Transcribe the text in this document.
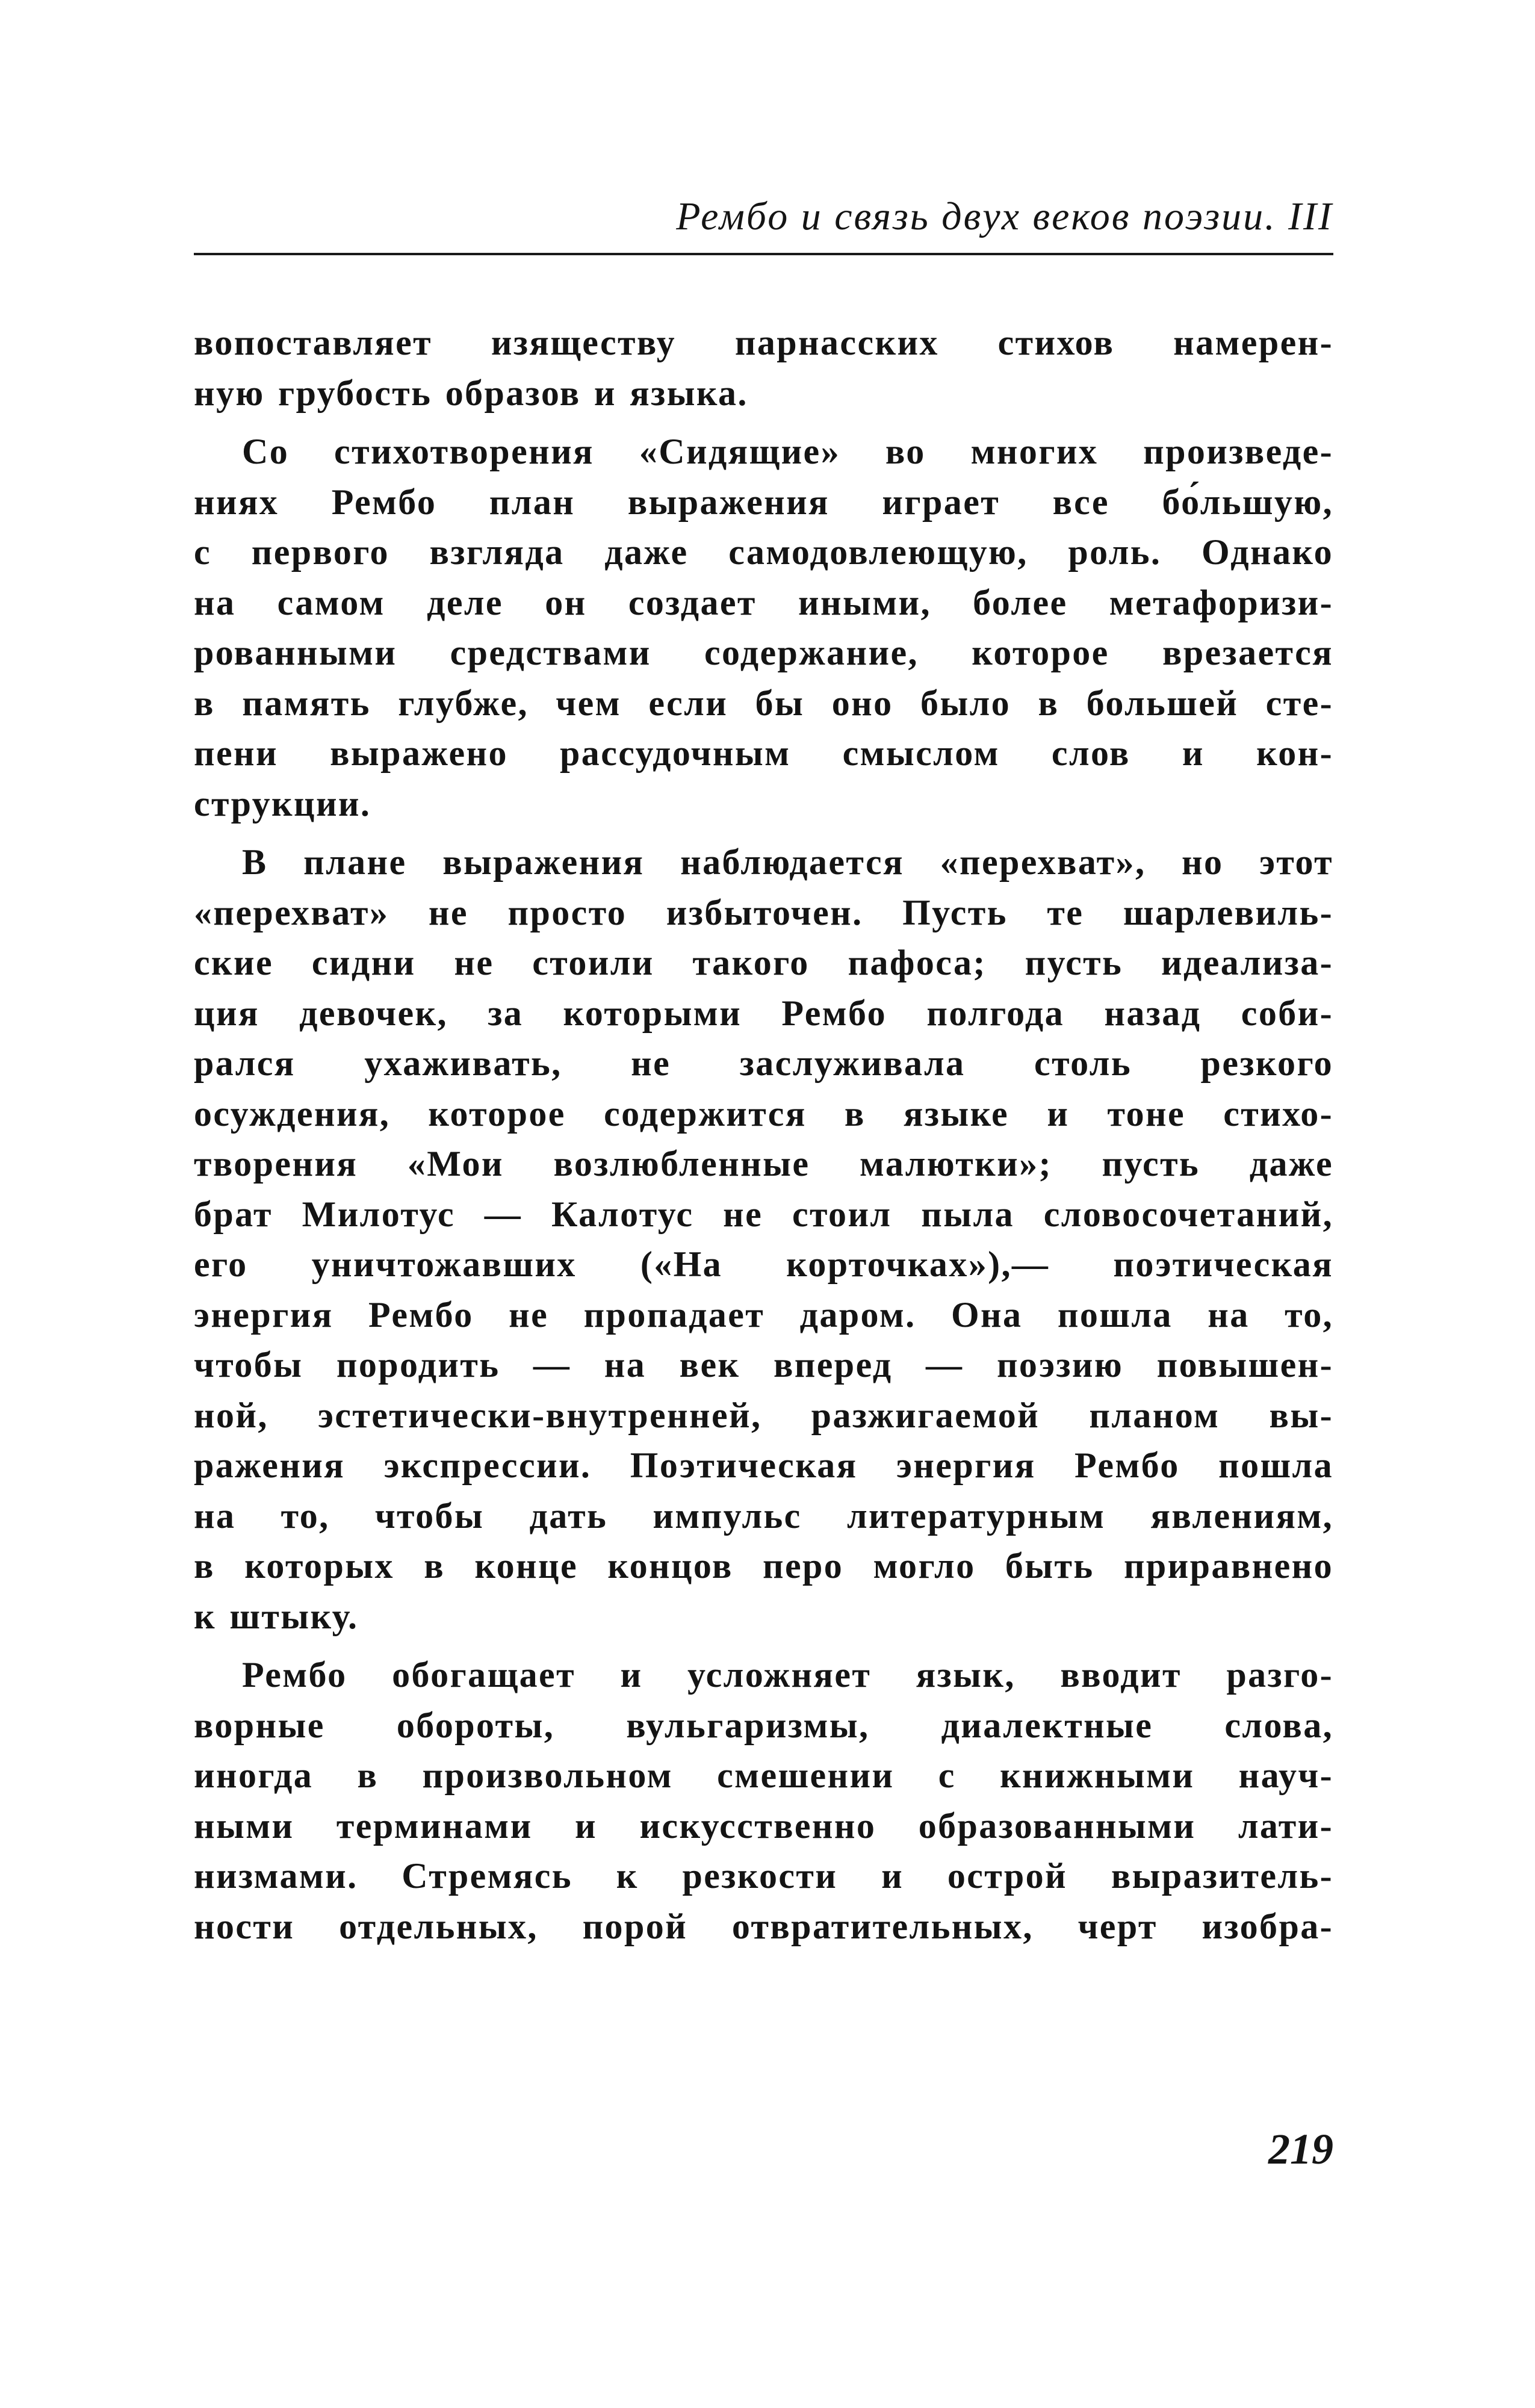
Рембо и связь двух веков поэзии. III
вопоставляет изяществу парнасских стихов намерен-
ную грубость образов и языка.
Со стихотворения «Сидящие» во многих произведе-
ниях Рембо план выражения играет все бо́льшую,
с первого взгляда даже самодовлеющую, роль. Однако
на самом деле он создает иными, более метафоризи-
рованными средствами содержание, которое врезается
в память глубже, чем если бы оно было в большей сте-
пени выражено рассудочным смыслом слов и кон-
струкции.
В плане выражения наблюдается «перехват», но этот
«перехват» не просто избыточен. Пусть те шарлевиль-
ские сидни не стоили такого пафоса; пусть идеализа-
ция девочек, за которыми Рембо полгода назад соби-
рался ухаживать, не заслуживала столь резкого
осуждения, которое содержится в языке и тоне стихо-
творения «Мои возлюбленные малютки»; пусть даже
брат Милотус — Калотус не стоил пыла словосочетаний,
его уничтожавших («На корточках»),— поэтическая
энергия Рембо не пропадает даром. Она пошла на то,
чтобы породить — на век вперед — поэзию повышен-
ной, эстетически-внутренней, разжигаемой планом вы-
ражения экспрессии. Поэтическая энергия Рембо пошла
на то, чтобы дать импульс литературным явлениям,
в которых в конце концов перо могло быть приравнено
к штыку.
Рембо обогащает и усложняет язык, вводит разго-
ворные обороты, вульгаризмы, диалектные слова,
иногда в произвольном смешении с книжными науч-
ными терминами и искусственно образованными лати-
низмами. Стремясь к резкости и острой выразитель-
ности отдельных, порой отвратительных, черт изобра-
219
